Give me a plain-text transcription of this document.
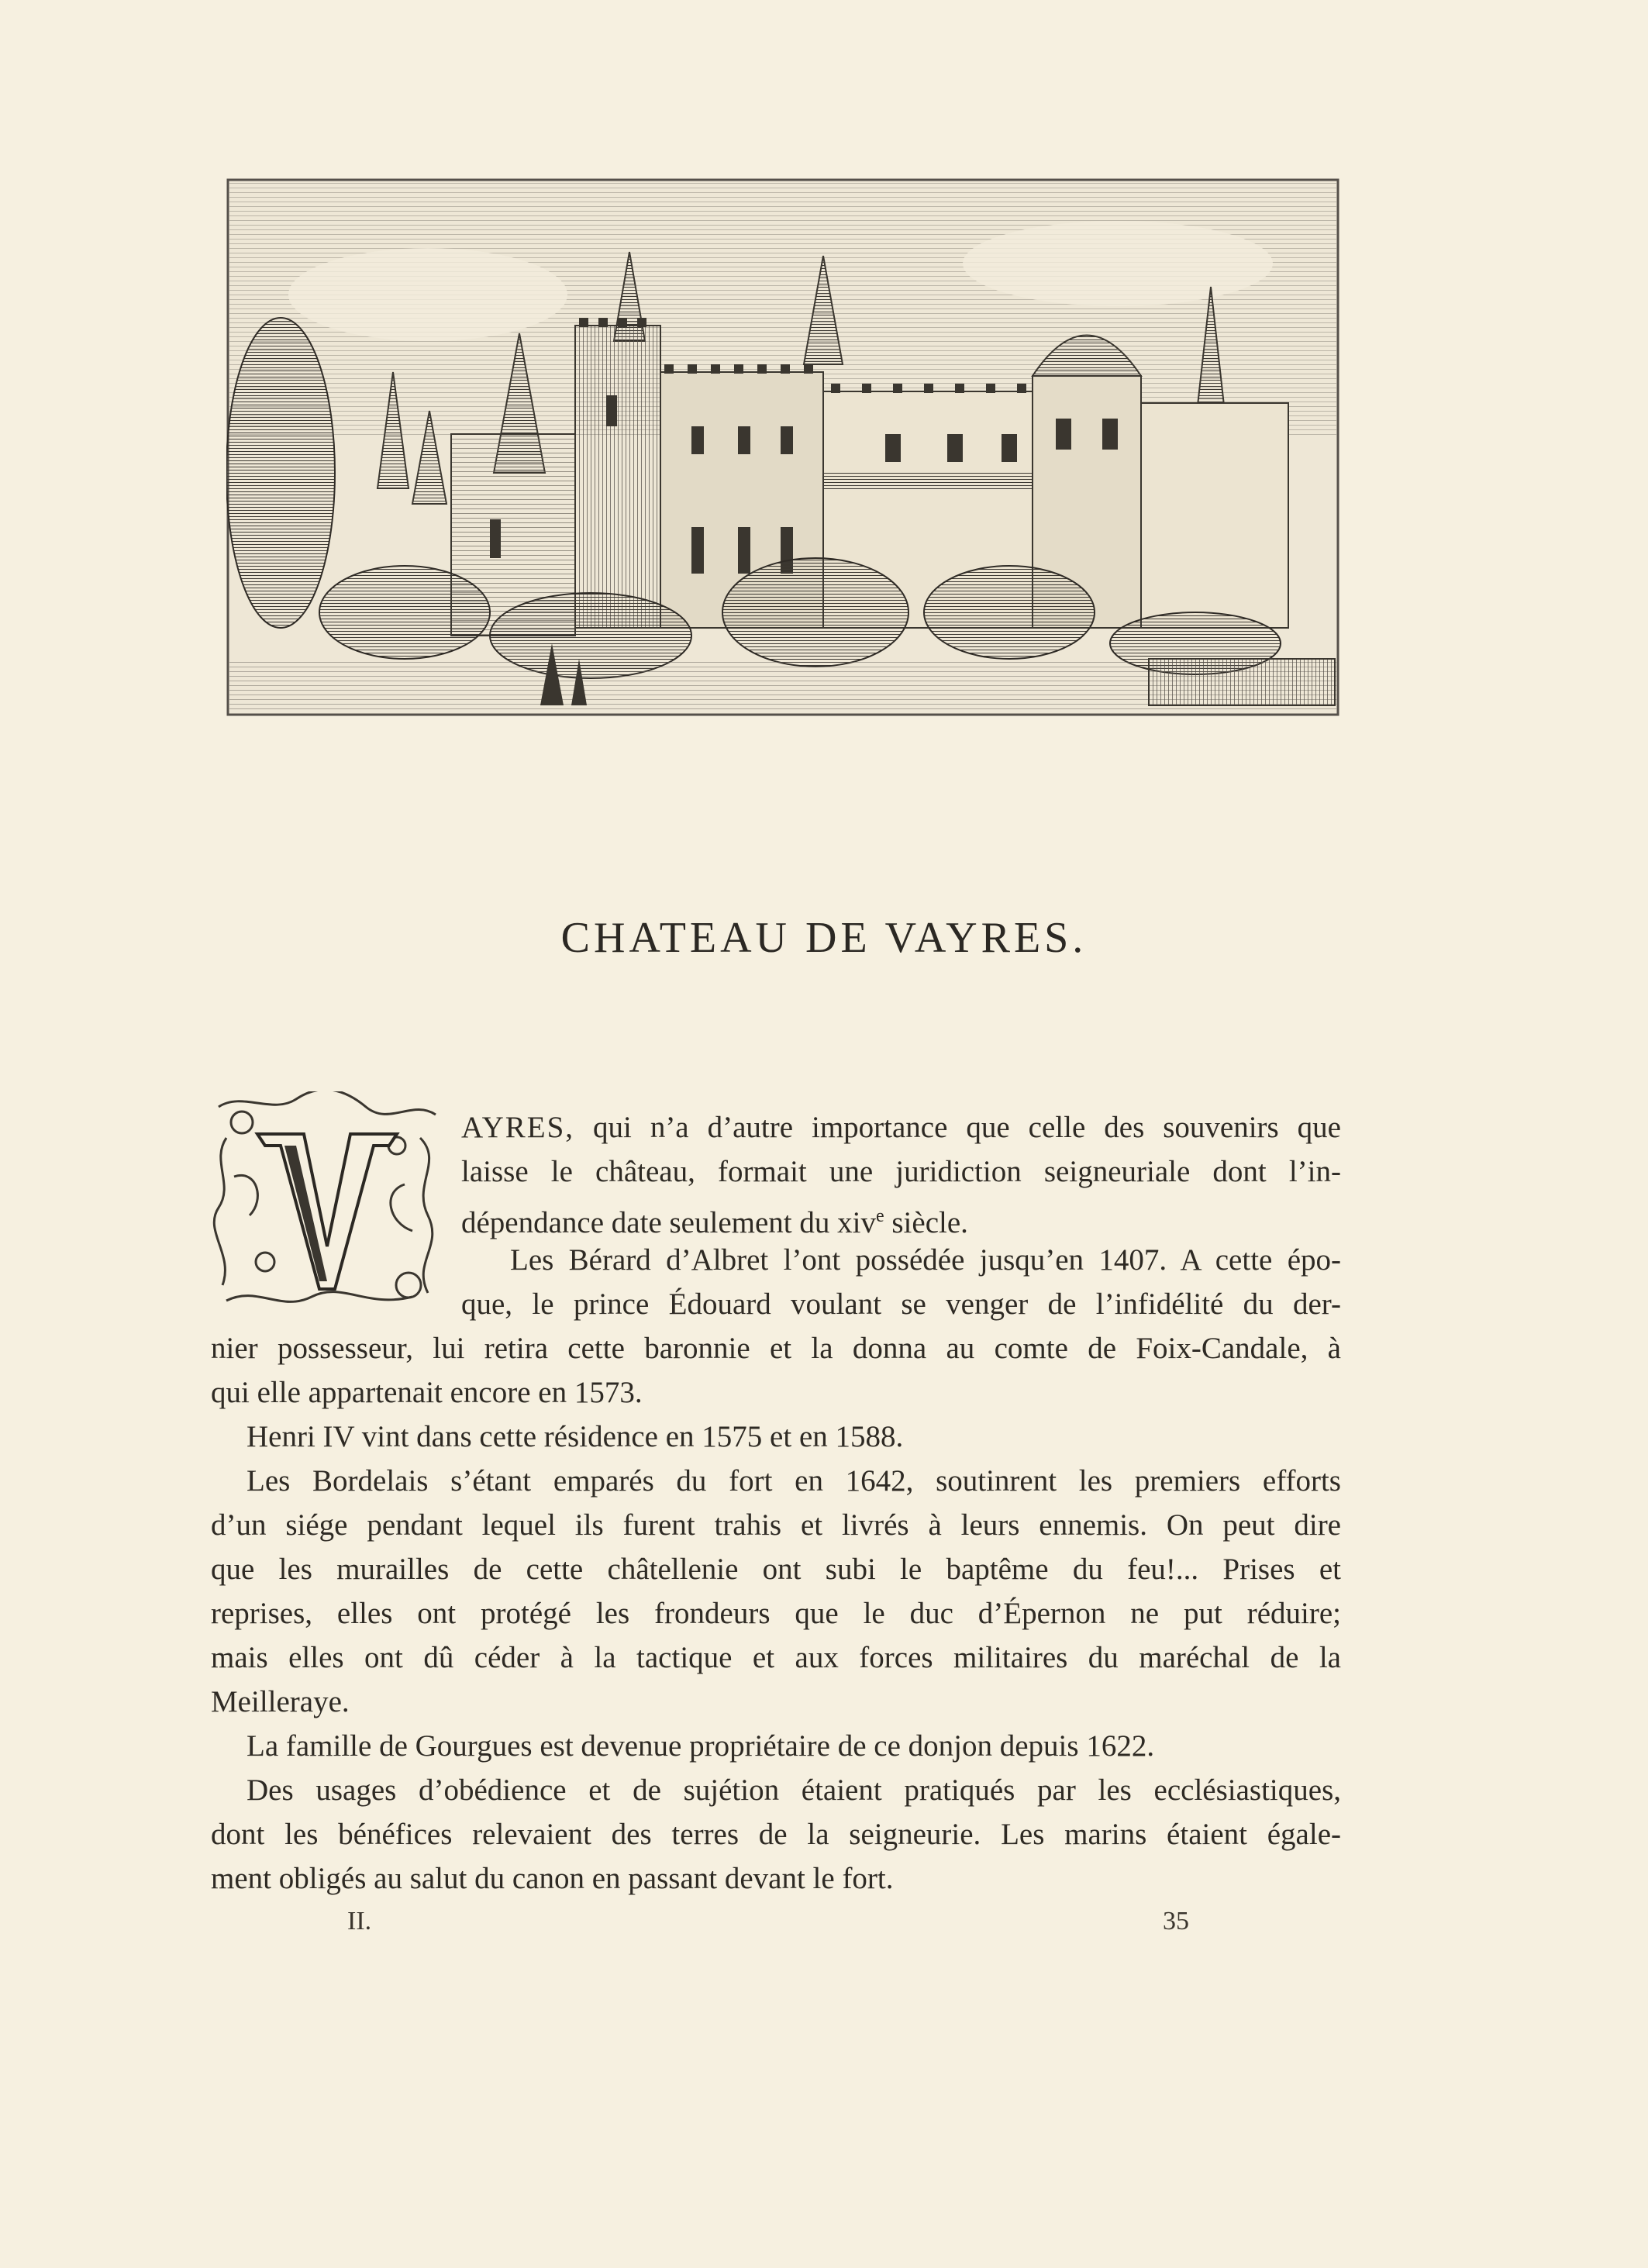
CHATEAU DE VAYRES.
V
AYRES, qui n’a d’autre importance que celle des souvenirs que
laisse le château, formait une juridiction seigneuriale dont l’in-
dépendance date seulement du xiv$^e$ siècle.
Les Bérard d’Albret l’ont possédée jusqu’en 1407. A cette épo-
que, le prince Édouard voulant se venger de l’infidélité du der-
nier possesseur, lui retira cette baronnie et la donna au comte de Foix-Candale, à
qui elle appartenait encore en 1573.
Henri IV vint dans cette résidence en 1575 et en 1588.
Les Bordelais s’étant emparés du fort en 1642, soutinrent les premiers efforts
d’un siége pendant lequel ils furent trahis et livrés à leurs ennemis. On peut dire
que les murailles de cette châtellenie ont subi le baptême du feu!... Prises et
reprises, elles ont protégé les frondeurs que le duc d’Épernon ne put réduire;
mais elles ont dû céder à la tactique et aux forces militaires du maréchal de la
Meilleraye.
La famille de Gourgues est devenue propriétaire de ce donjon depuis 1622.
Des usages d’obédience et de sujétion étaient pratiqués par les ecclésiastiques,
dont les bénéfices relevaient des terres de la seigneurie. Les marins étaient égale-
ment obligés au salut du canon en passant devant le fort.
II.	35
